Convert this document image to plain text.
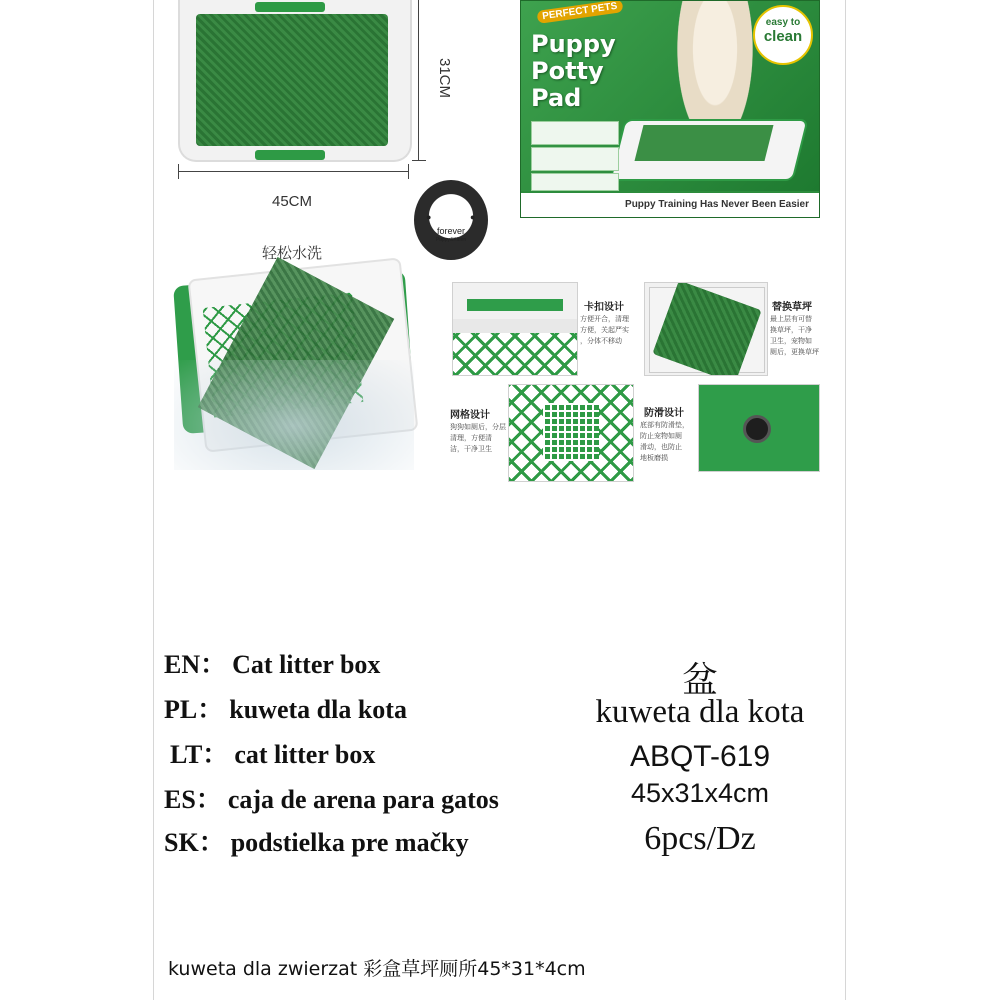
45CM
31CM
PERFECT PETS
Puppy
Potty
Pad
easy to
clean
Puppy Training Has Never Been Easier
forever
Puppy&Kitten
●	●
轻松水洗
卡扣设计
方便开合，清理
方便，关起严实
，分体不移动
替换草坪
最上层有可替
换草坪，干净
卫生，宠物如
厕后，更换草坪
网格设计
狗狗如厕后，分层
清理，方便清
洁，干净卫生
防滑设计
底部有防滑垫，
防止宠物如厕
滑动，也防止
地板磨损
EN： Cat litter box
PL： kuweta dla kota
LT： cat litter box
ES： caja de arena para gatos
SK： podstielka pre mačky
盆
kuweta dla kota
ABQT-619
45x31x4cm
6pcs/Dz
kuweta dla zwierzat 彩盒草坪厕所45*31*4cm
